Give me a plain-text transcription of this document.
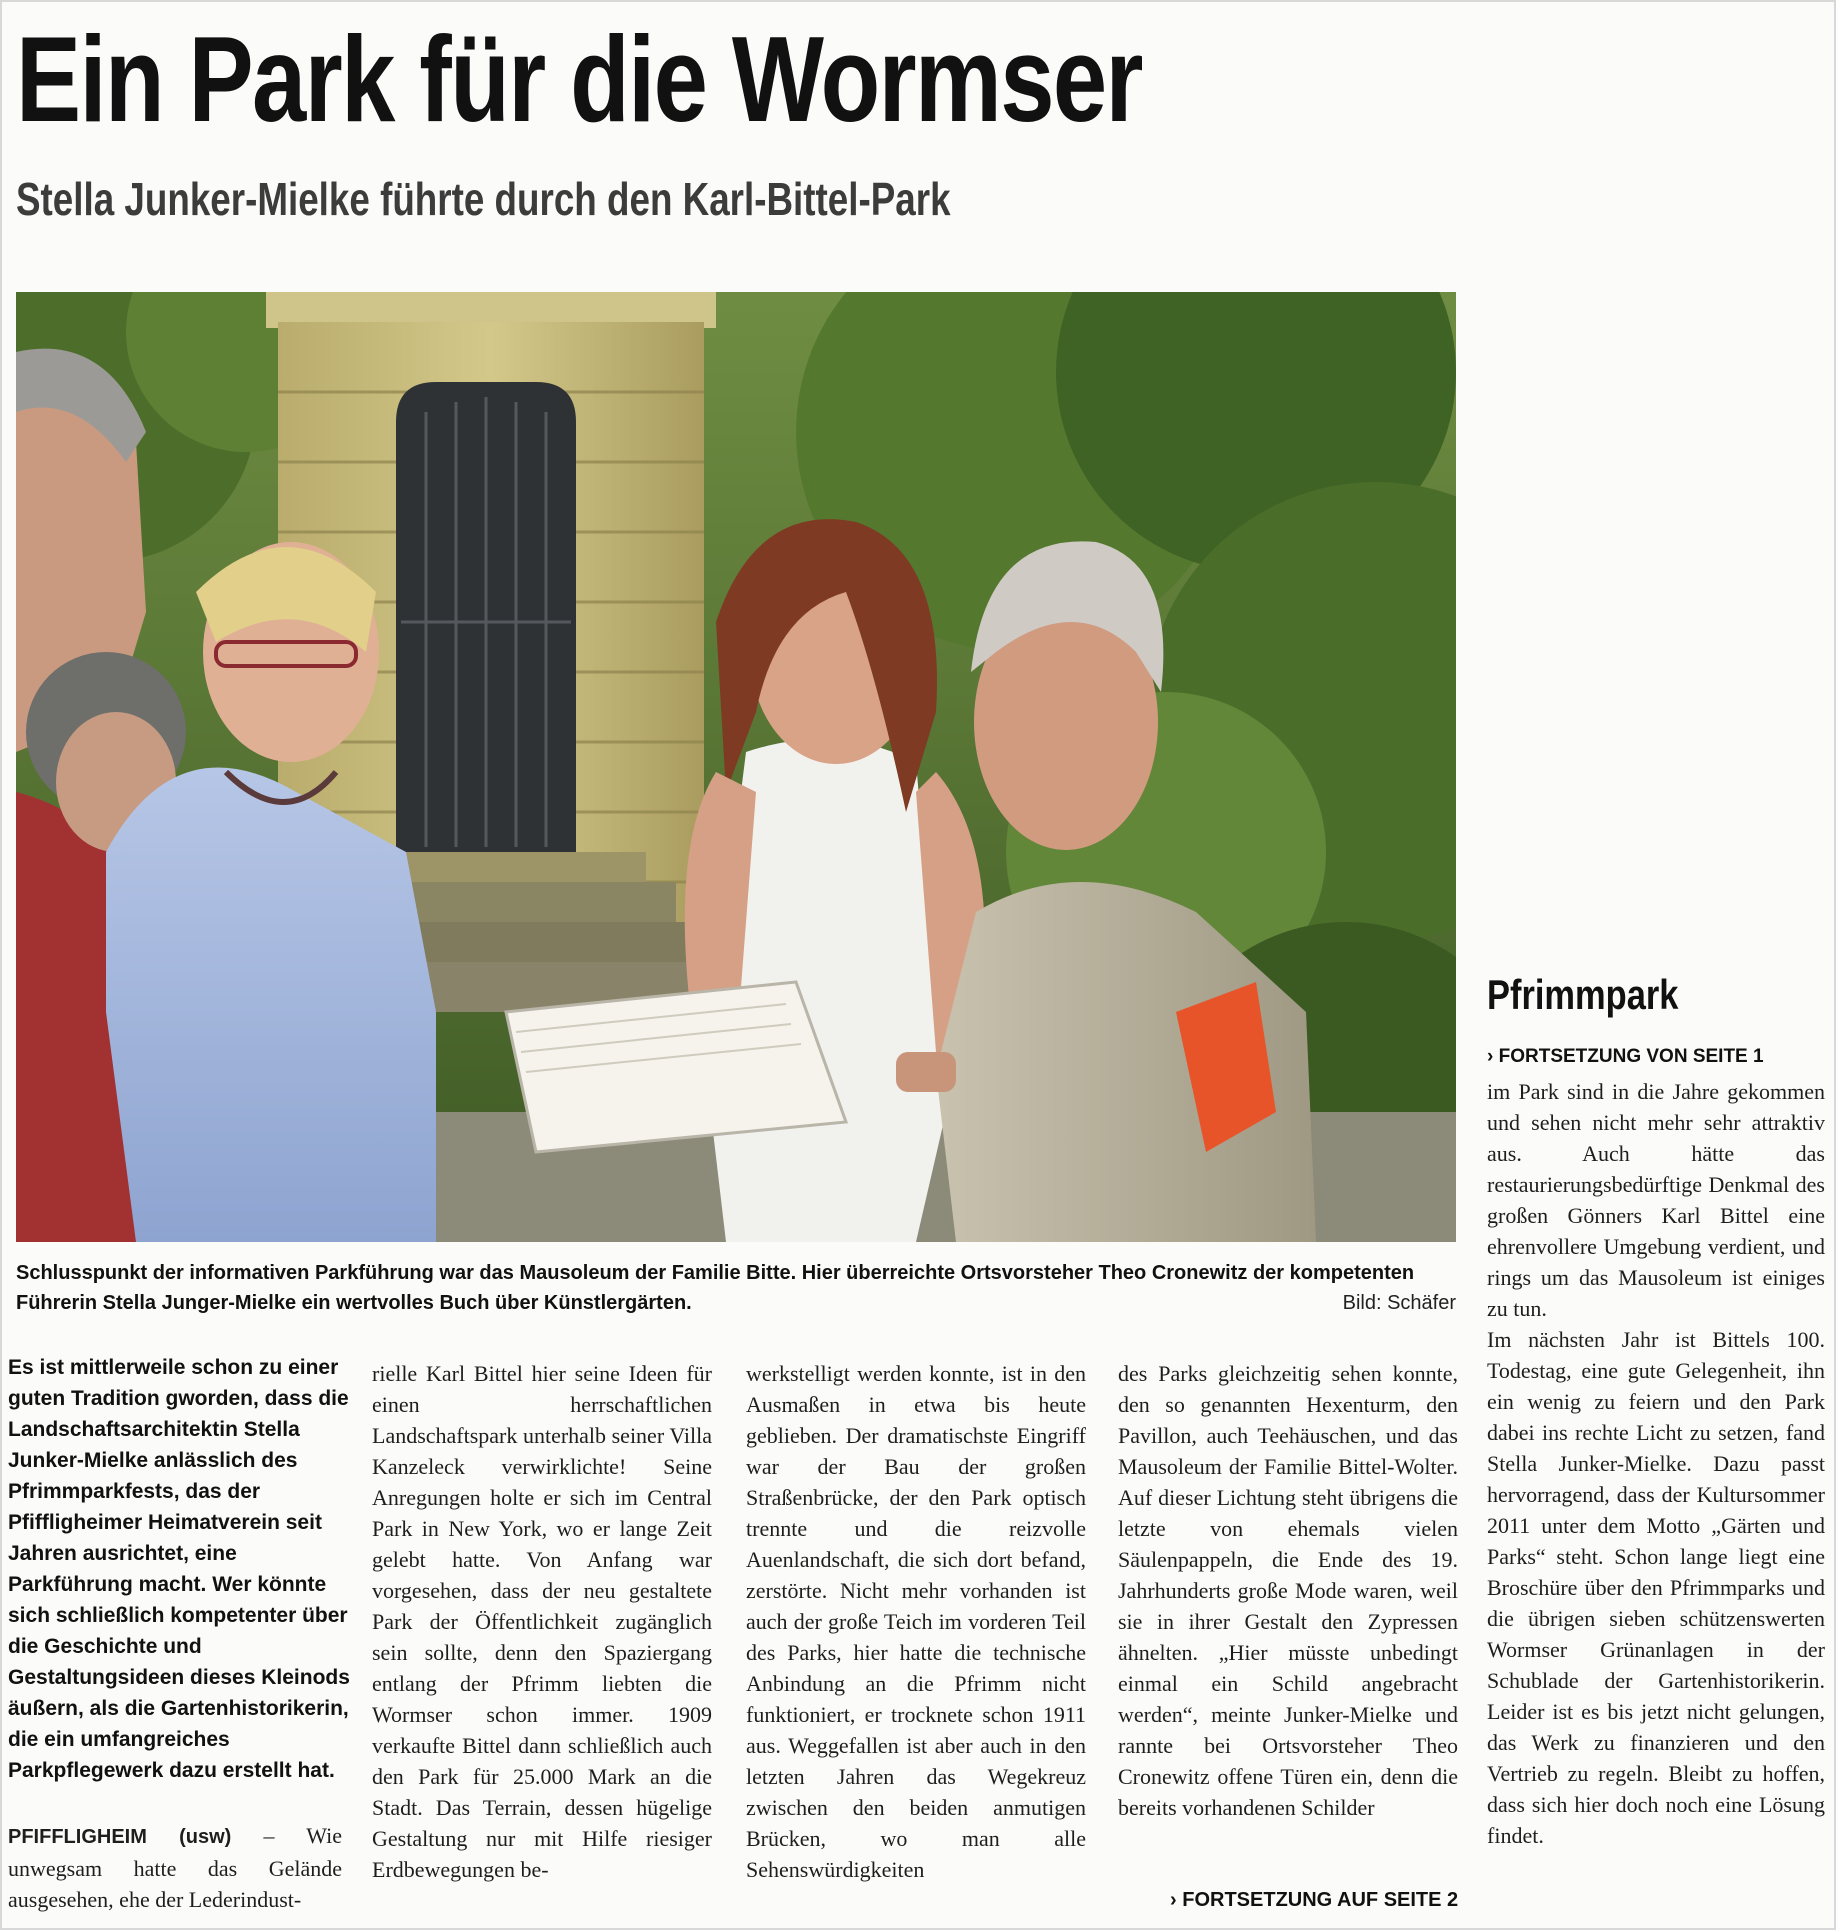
Ein Park für die Wormser
Stella Junker-Mielke führte durch den Karl-Bittel-Park
Schlusspunkt der informativen Parkführung war das Mausoleum der Familie Bitte. Hier überreichte Ortsvorsteher Theo Cronewitz der kompetenten Führerin Stella Junger-Mielke ein wertvolles Buch über Künstlergärten.	Bild: Schäfer
Es ist mittlerweile schon zu einer guten Tradition gworden, dass die Landschaftsarchitektin Stella Junker-Mielke anlässlich des Pfrimmparkfests, das der Pfiffligheimer Heimatverein seit Jahren ausrichtet, eine Parkführung macht. Wer könnte sich schließlich kompetenter über die Geschichte und Gestaltungsideen dieses Kleinods äußern, als die Gartenhistorikerin, die ein umfangreiches Parkpflegewerk dazu erstellt hat.
PFIFFLIGHEIM (usw) – Wie unwegsam hatte das Gelände ausgesehen, ehe der Lederindust-
rielle Karl Bittel hier seine Ideen für einen herrschaftlichen Landschaftspark unterhalb seiner Villa Kanzeleck verwirklichte! Seine Anregungen holte er sich im Central Park in New York, wo er lange Zeit gelebt hatte. Von Anfang war vorgesehen, dass der neu gestaltete Park der Öffentlichkeit zugänglich sein sollte, denn den Spaziergang entlang der Pfrimm liebten die Wormser schon immer. 1909 verkaufte Bittel dann schließlich auch den Park für 25.000 Mark an die Stadt. Das Terrain, dessen hügelige Gestaltung nur mit Hilfe riesiger Erdbewegungen be-
werkstelligt werden konnte, ist in den Ausmaßen in etwa bis heute geblieben. Der dramatischste Eingriff war der Bau der großen Straßenbrücke, der den Park optisch trennte und die reizvolle Auenlandschaft, die sich dort befand, zerstörte. Nicht mehr vorhanden ist auch der große Teich im vorderen Teil des Parks, hier hatte die technische Anbindung an die Pfrimm nicht funktioniert, er trocknete schon 1911 aus. Weggefallen ist aber auch in den letzten Jahren das Wegekreuz zwischen den beiden anmutigen Brücken, wo man alle Sehenswürdigkeiten
des Parks gleichzeitig sehen konnte, den so genannten Hexenturm, den Pavillon, auch Teehäuschen, und das Mausoleum der Familie Bittel-Wolter. Auf dieser Lichtung steht übrigens die letzte von ehemals vielen Säulenpappeln, die Ende des 19. Jahrhunderts große Mode waren, weil sie in ihrer Gestalt den Zypressen ähnelten. „Hier müsste unbedingt einmal ein Schild angebracht werden“, meinte Junker-Mielke und rannte bei Ortsvorsteher Theo Cronewitz offene Türen ein, denn die bereits vorhandenen Schilder
› FORTSETZUNG AUF SEITE 2
Pfrimmpark
› FORTSETZUNG VON SEITE 1

im Park sind in die Jahre gekommen und sehen nicht mehr sehr attraktiv aus. Auch hätte das restaurierungsbedürftige Denkmal des großen Gönners Karl Bittel eine ehrenvollere Umgebung verdient, und rings um das Mausoleum ist einiges zu tun.

Im nächsten Jahr ist Bittels 100. Todestag, eine gute Gelegenheit, ihn ein wenig zu feiern und den Park dabei ins rechte Licht zu setzen, fand Stella Junker-Mielke. Dazu passt hervorragend, dass der Kultursommer 2011 unter dem Motto „Gärten und Parks“ steht. Schon lange liegt eine Broschüre über den Pfrimmparks und die übrigen sieben schützenswerten Wormser Grünanlagen in der Schublade der Gartenhistorikerin. Leider ist es bis jetzt nicht gelungen, das Werk zu finanzieren und den Vertrieb zu regeln. Bleibt zu hoffen, dass sich hier doch noch eine Lösung findet.
